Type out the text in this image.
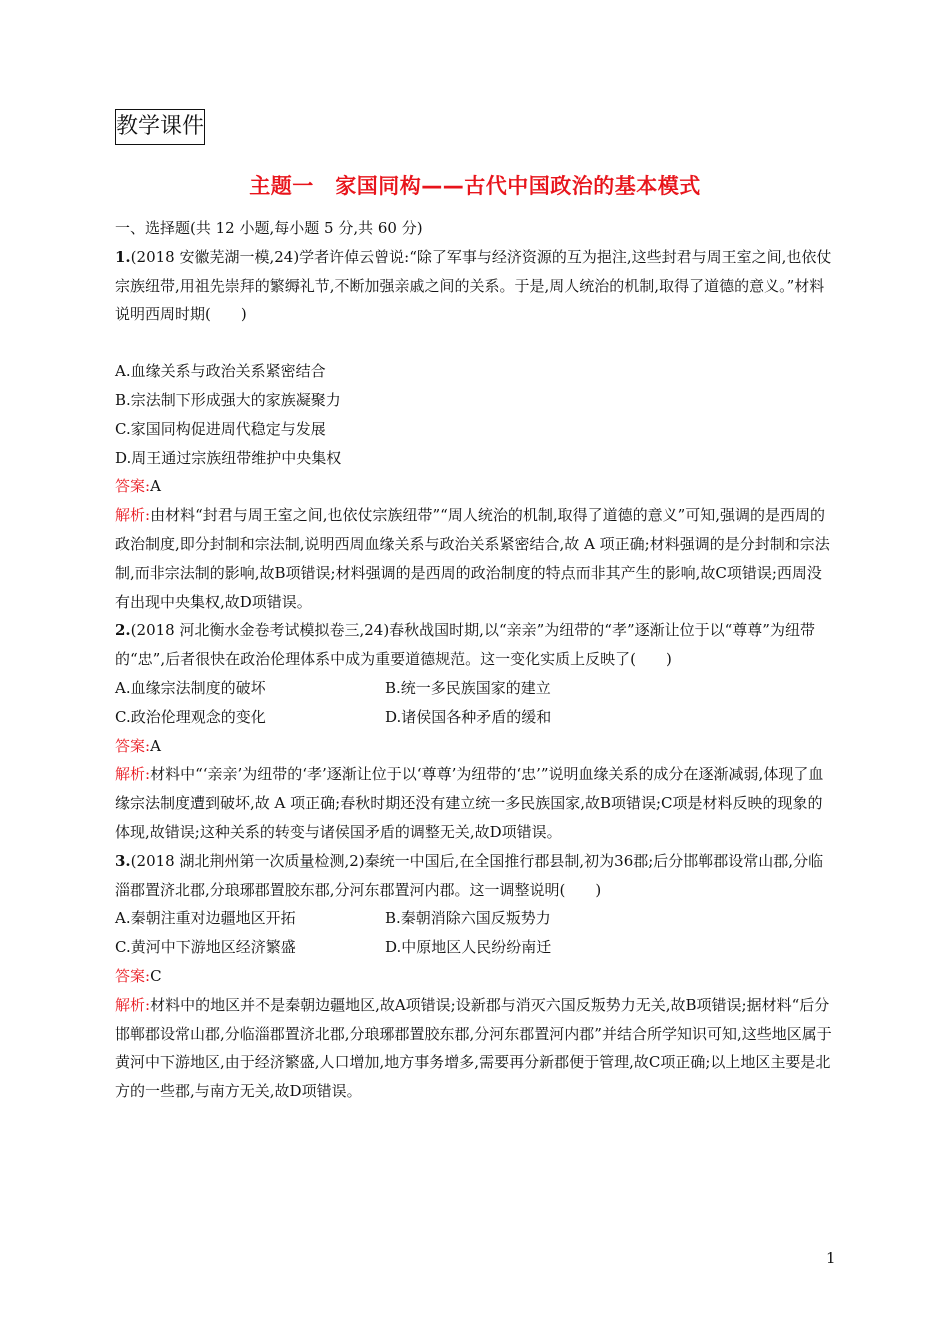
教学课件
主题一　家国同构——古代中国政治的基本模式
一、选择题(共 12 小题,每小题 5 分,共 60 分)
1.(2018 安徽芜湖一模,24)学者许倬云曾说:“除了军事与经济资源的互为挹注,这些封君与周王室之间,也依仗宗族纽带,用祖先崇拜的繁缛礼节,不断加强亲戚之间的关系。于是,周人统治的机制,取得了道德的意义。”材料说明西周时期(　　)
A.血缘关系与政治关系紧密结合
B.宗法制下形成强大的家族凝聚力
C.家国同构促进周代稳定与发展
D.周王通过宗族纽带维护中央集权
答案:A
解析:由材料“封君与周王室之间,也依仗宗族纽带”“周人统治的机制,取得了道德的意义”可知,强调的是西周的政治制度,即分封制和宗法制,说明西周血缘关系与政治关系紧密结合,故 A 项正确;材料强调的是分封制和宗法制,而非宗法制的影响,故B项错误;材料强调的是西周的政治制度的特点而非其产生的影响,故C项错误;西周没有出现中央集权,故D项错误。
2.(2018 河北衡水金卷考试模拟卷三,24)春秋战国时期,以“亲亲”为纽带的“孝”逐渐让位于以“尊尊”为纽带的“忠”,后者很快在政治伦理体系中成为重要道德规范。这一变化实质上反映了(　　)
A.血缘宗法制度的破坏	B.统一多民族国家的建立
C.政治伦理观念的变化	D.诸侯国各种矛盾的缓和
答案:A
解析:材料中“‘亲亲’为纽带的‘孝’逐渐让位于以‘尊尊’为纽带的‘忠’”说明血缘关系的成分在逐渐减弱,体现了血缘宗法制度遭到破坏,故 A 项正确;春秋时期还没有建立统一多民族国家,故B项错误;C项是材料反映的现象的体现,故错误;这种关系的转变与诸侯国矛盾的调整无关,故D项错误。
3.(2018 湖北荆州第一次质量检测,2)秦统一中国后,在全国推行郡县制,初为36郡;后分邯郸郡设常山郡,分临淄郡置济北郡,分琅琊郡置胶东郡,分河东郡置河内郡。这一调整说明(　　)
A.秦朝注重对边疆地区开拓	B.秦朝消除六国反叛势力
C.黄河中下游地区经济繁盛	D.中原地区人民纷纷南迁
答案:C
解析:材料中的地区并不是秦朝边疆地区,故A项错误;设新郡与消灭六国反叛势力无关,故B项错误;据材料“后分邯郸郡设常山郡,分临淄郡置济北郡,分琅琊郡置胶东郡,分河东郡置河内郡”并结合所学知识可知,这些地区属于黄河中下游地区,由于经济繁盛,人口增加,地方事务增多,需要再分新郡便于管理,故C项正确;以上地区主要是北方的一些郡,与南方无关,故D项错误。
1
